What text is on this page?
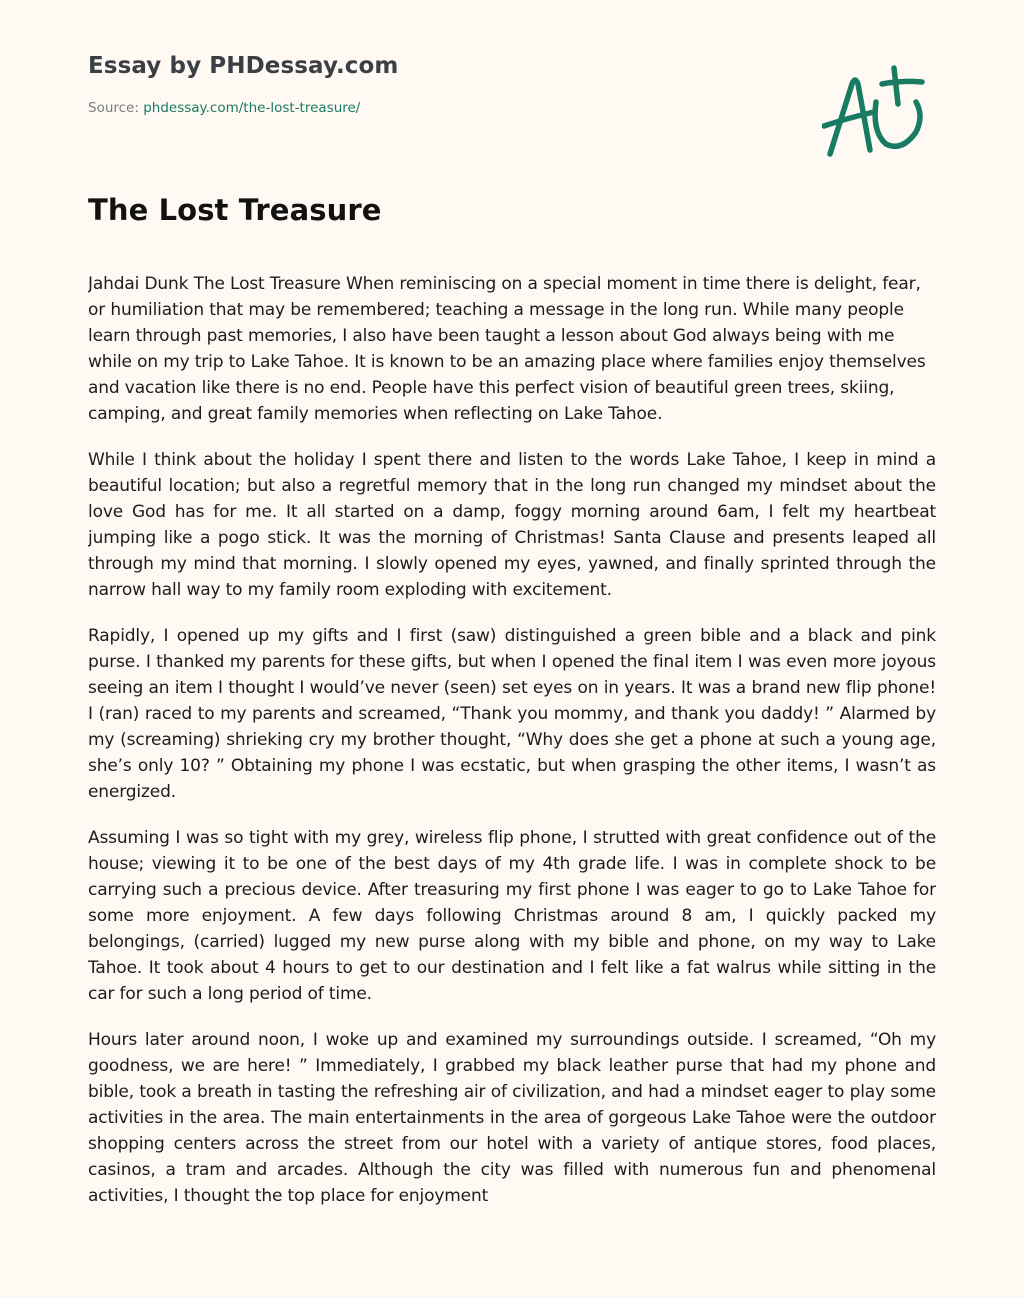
Essay by PHDessay.com
Source: phdessay.com/the-lost-treasure/
The Lost Treasure

Jahdai Dunk The Lost Treasure When reminiscing on a special moment in time there is delight, fear, or humiliation that may be remembered; teaching a message in the long run. While many people learn through past memories, I also have been taught a lesson about God always being with me while on my trip to Lake Tahoe. It is known to be an amazing place where families enjoy themselves and vacation like there is no end. People have this perfect vision of beautiful green trees, skiing, camping, and great family memories when reflecting on Lake Tahoe.

While I think about the holiday I spent there and listen to the words Lake Tahoe, I keep in mind a beautiful location; but also a regretful memory that in the long run changed my mindset about the love God has for me. It all started on a damp, foggy morning around 6am, I felt my heartbeat jumping like a pogo stick. It was the morning of Christmas! Santa Clause and presents leaped all through my mind that morning. I slowly opened my eyes, yawned, and finally sprinted through the narrow hall way to my family room exploding with excitement.

Rapidly, I opened up my gifts and I first (saw) distinguished a green bible and a black and pink purse. I thanked my parents for these gifts, but when I opened the final item I was even more joyous seeing an item I thought I would’ve never (seen) set eyes on in years. It was a brand new flip phone! I (ran) raced to my parents and screamed, “Thank you mommy, and thank you daddy! ” Alarmed by my (screaming) shrieking cry my brother thought, “Why does she get a phone at such a young age, she’s only 10? ” Obtaining my phone I was ecstatic, but when grasping the other items, I wasn’t as energized.

Assuming I was so tight with my grey, wireless flip phone, I strutted with great confidence out of the house; viewing it to be one of the best days of my 4th grade life. I was in complete shock to be carrying such a precious device. After treasuring my first phone I was eager to go to Lake Tahoe for some more enjoyment. A few days following Christmas around 8 am, I quickly packed my belongings, (carried) lugged my new purse along with my bible and phone, on my way to Lake Tahoe. It took about 4 hours to get to our destination and I felt like a fat walrus while sitting in the car for such a long period of time.

Hours later around noon, I woke up and examined my surroundings outside. I screamed, “Oh my goodness, we are here! ” Immediately, I grabbed my black leather purse that had my phone and bible, took a breath in tasting the refreshing air of civilization, and had a mindset eager to play some activities in the area. The main entertainments in the area of gorgeous Lake Tahoe were the outdoor shopping centers across the street from our hotel with a variety of antique stores, food places, casinos, a tram and arcades. Although the city was filled with numerous fun and phenomenal activities, I thought the top place for enjoyment
